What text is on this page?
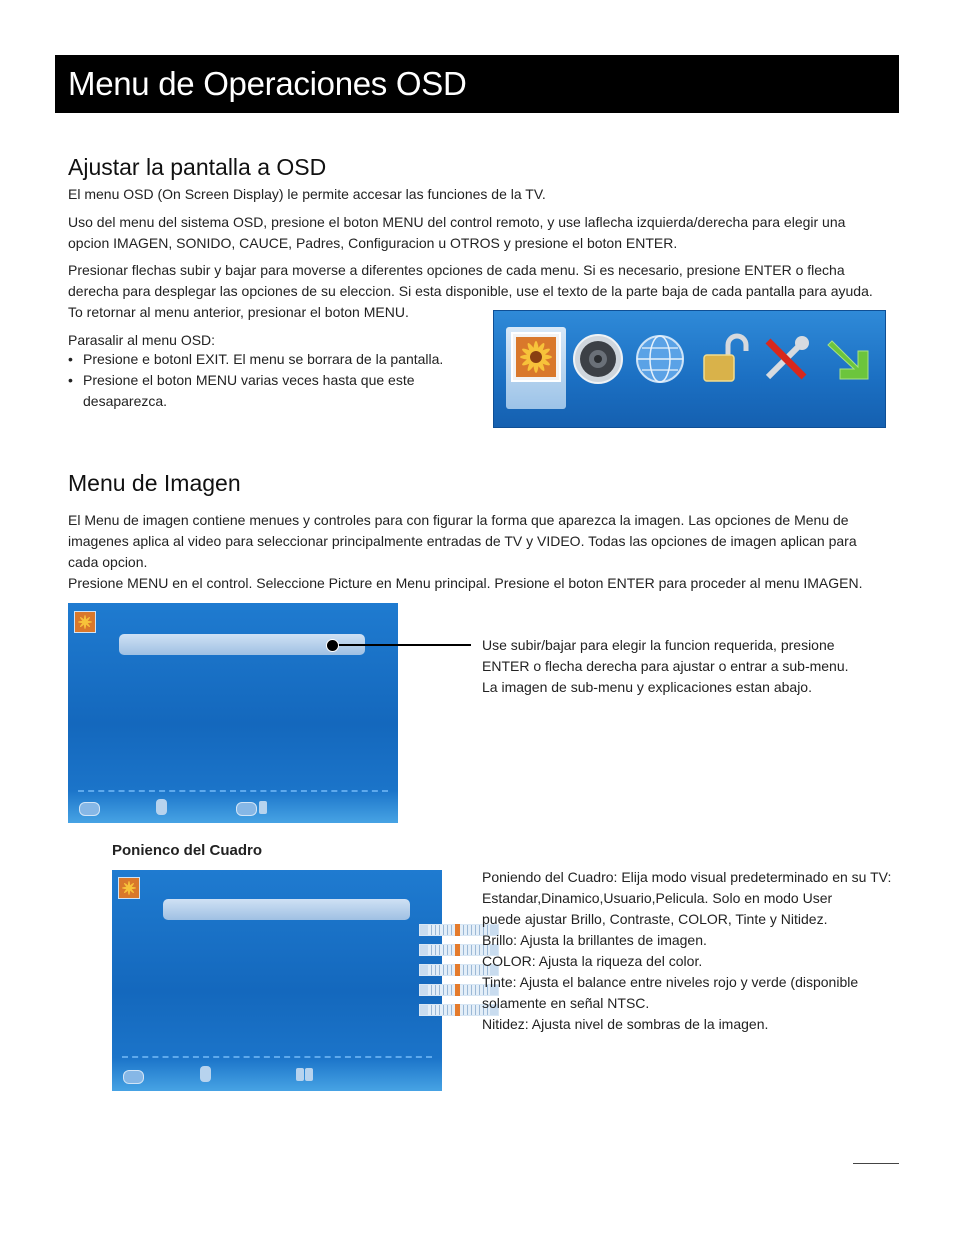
Menu de Operaciones OSD
Ajustar la pantalla a OSD

El menu OSD (On Screen Display) le permite accesar las funciones de la TV.

Uso del menu del sistema OSD, presione el boton MENU del control remoto, y use laflecha izquierda/derecha para elegir una

opcion IMAGEN, SONIDO, CAUCE, Padres, Configuracion u OTROS y presione el boton ENTER.

Presionar flechas subir y bajar para moverse a diferentes opciones de cada menu. Si es necesario, presione ENTER o flecha

derecha para desplegar las opciones de su eleccion. Si esta disponible, use el texto de la parte baja de cada pantalla para ayuda.

To retornar al menu anterior, presionar el boton MENU.

Parasalir al menu OSD:

• Presione e botonl EXIT. El menu se borrara de la pantalla.
• Presione el boton MENU varias veces hasta que este
desaparezca.
Menu de Imagen

El Menu de imagen contiene menues y controles para con figurar la forma que aparezca la imagen. Las opciones de Menu de

imagenes aplica al video para seleccionar principalmente entradas de TV y VIDEO. Todas las opciones de imagen aplican para

cada opcion.

Presione MENU en el control. Seleccione Picture en Menu principal. Presione el boton ENTER para proceder al menu IMAGEN.

Use subir/bajar para elegir la funcion requerida, presione

ENTER o flecha derecha para ajustar o entrar a sub-menu.

La imagen de sub-menu y explicaciones estan abajo.

Ponienco del Cuadro

Poniendo del Cuadro: Elija modo visual predeterminado en su TV:

Estandar,Dinamico,Usuario,Pelicula. Solo en modo User

puede ajustar Brillo, Contraste, COLOR, Tinte y Nitidez.

Brillo: Ajusta la brillantes de imagen.

COLOR: Ajusta la riqueza del color.

Tinte: Ajusta el balance entre niveles rojo y verde (disponible

solamente en señal NTSC.

Nitidez: Ajusta nivel de sombras de la imagen.
